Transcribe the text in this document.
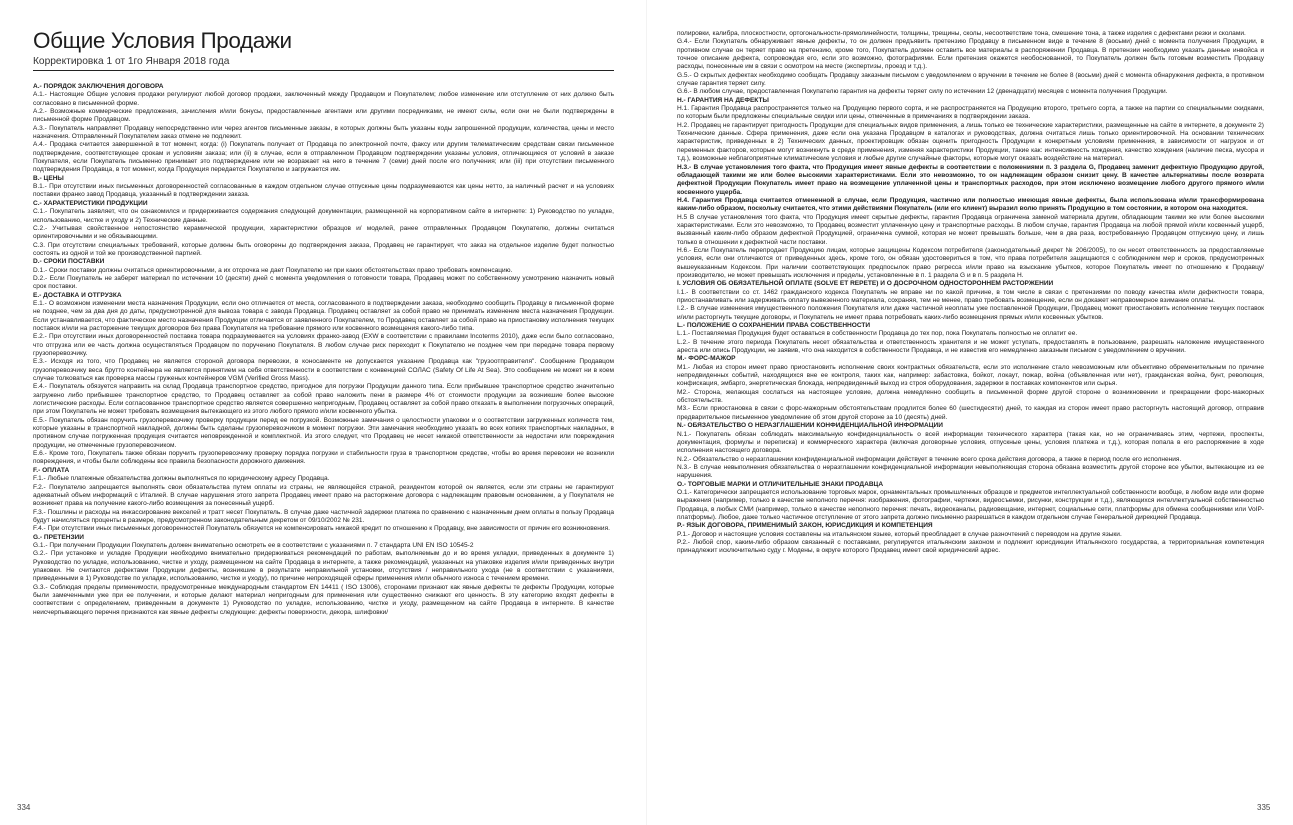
Общие Условия Продажи
Корректировка 1 от 1го Января 2018 года

A.- ПОРЯДОК ЗАКЛЮЧЕНИЯ ДОГОВОРА

A.1.- Настоящие Общие условия продажи регулируют любой договор продажи, заключенный между Продавцом и Покупателем; любое изменение или отступление от них должно быть согласовано в письменной форме.

A.2.- Возможные коммерческие предложения, зачисления и/или бонусы, предоставленные агентами или другими посредниками, не имеют силы, если они не были подтверждены в письменной форме Продавцом.

A.3.- Покупатель направляет Продавцу непосредственно или через агентов письменные заказы, в которых должны быть указаны коды запрошенной продукции, количества, цены и место назначения. Отправленный Покупателем заказ отмене не подлежит.

A.4.- Продажа считается завершенной в тот момент, когда: (i) Покупатель получает от Продавца по электронной почте, факсу или другим телематическим средствам связи письменное подтверждение, соответствующее срокам и условиям заказа; или (ii) в случае, если в отправленном Продавцом подтверждении указаны условия, отличающиеся от условий в заказе Покупателя, если Покупатель письменно принимает это подтверждение или не возражает на него в течение 7 (семи) дней после его получения; или (iii) при отсутствии письменного подтверждения Продавца, в тот момент, когда Продукция передается Покупателю и загружается им.

B.- ЦЕНЫ

B.1.- При отсутствии иных письменных договоренностей согласованные в каждом отдельном случае отпускные цены подразумеваются как цены нетто, за наличный расчет и на условиях поставки франко завод Продавца, указанный в подтверждении заказа.

C.- ХАРАКТЕРИСТИКИ ПРОДУКЦИИ

C.1.- Покупатель заявляет, что он ознакомился и придерживается содержания следующей документации, размещенной на корпоративном сайте в интернете: 1) Руководство по укладке, использованию, чистке и уходу и 2) Технические данные.

C.2.- Учитывая свойственное непостоянство керамической продукции, характеристики образцов и/ моделей, ранее отправленных Продавцом Покупателю, должны считаться ориентировочными и не обязывающими.

C.3. При отсутствии специальных требований, которые должны быть оговорены до подтверждения заказа, Продавец не гарантирует, что заказ на отдельное изделие будет полностью состоять из одной и той же производственной партией.

D.- СРОКИ ПОСТАВКИ

D.1.- Сроки поставки должны считаться ориентировочными, а их отсрочка не дает Покупателю ни при каких обстоятельствах право требовать компенсацию.

D.2.- Если Покупатель не заберет материал по истечении 10 (десяти) дней с момента уведомления о готовности товара, Продавец может по собственному усмотрению назначить новый срок поставки.

E.- ДОСТАВКА И ОТГРУЗКА

E.1.- О возможном изменении места назначения Продукции, если оно отличается от места, согласованного в подтверждении заказа, необходимо сообщить Продавцу в письменной форме не позднее, чем за два дня до даты, предусмотренной для вывоза товара с завода Продавца. Продавец оставляет за собой право не принимать изменение места назначения Продукции. Если устанавливается, что фактическое место назначения Продукции отличается от заявленного Покупателем, то Продавец оставляет за собой право на приостановку исполнения текущих поставок и/или на расторжение текущих договоров без права Покупателя на требование прямого или косвенного возмещения какого-либо типа.

E.2.- При отсутствии иных договоренностей поставка товара подразумевается на условиях франко-завод (EXW в соответствии с правилами Incoterms 2010), даже если было согласовано, что отгрузка или ее часть должна осуществляться Продавцом по поручению Покупателя. В любом случае риск переходит к Покупателю не позднее чем при передаче товара первому грузоперевозчику.

E.3.- Исходя из того, что Продавец не является стороной договора перевозки, в коносаменте не допускается указание Продавца как "грузоотправителя". Сообщение Продавцом грузоперевозчику веса брутто контейнера не является принятием на себя ответственности в соответствии с конвенцией СОЛАС (Safety Of Life At Sea). Это сообщение не может ни в коем случае толковаться как проверка массы груженых контейнеров VGM (Verified Gross Mass).

E.4.- Покупатель обязуется направить на склад Продавца транспортное средство, пригодное для погрузки Продукции данного типа. Если прибывшее транспортное средство значительно загружено либо прибывшее транспортное средство, то Продавец оставляет за собой право наложить пени в размере 4% от стоимости продукции за возникшие более высокие логистические расходы. Если согласованное транспортное средство является совершенно непригодным, Продавец оставляет за собой право отказать в выполнении погрузочных операций, при этом Покупатель не может требовать возмещения вытекающего из этого любого прямого и/или косвенного убытка.

E.5.- Покупатель обязан поручить грузоперевозчику проверку продукции перед ее погрузкой. Возможные замечания о целостности упаковки и о соответствии загруженных количеств тем, которые указаны в транспортной накладной, должны быть сделаны грузоперевозчиком в момент погрузки. Эти замечания необходимо указать во всех копиях транспортных накладных, в противном случае погруженная продукция считается неповрежденной и комплектной. Из этого следует, что Продавец не несет никакой ответственности за недостачи или повреждения продукции, не отмеченные грузоперевозчиком.

E.6.- Кроме того, Покупатель также обязан поручить грузоперевозчику проверку порядка погрузки и стабильности груза в транспортном средстве, чтобы во время перевозки не возникли повреждения, и чтобы были соблюдены все правила безопасности дорожного движения.

F.- ОПЛАТА

F.1.- Любые платежные обязательства должны выполняться по юридическому адресу Продавца.

F.2.- Покупателю запрещается выполнять свои обязательства путем оплаты из страны, не являющейся страной, резидентом которой он является, если эти страны не гарантируют адекватный объем информаций с Италией. В случае нарушения этого запрета Продавец имеет право на расторжение договора с надлежащим правовым основанием, а у Покупателя не возникнет права на получение какого-либо возмещения за понесенный ущерб.

F.3.- Пошлины и расходы на инкассирование векселей и тратт несет Покупатель. В случае даже частичной задержки платежа по сравнению с назначенным днем оплаты в пользу Продавца будут начисляться проценты в размере, предусмотренном законодательным декретом от 09/10/2002 № 231.

F.4.- При отсутствии иных письменных договоренностей Покупатель обязуется не компенсировать никакой кредит по отношению к Продавцу, вне зависимости от причин его возникновения.

G.- ПРЕТЕНЗИИ

G.1.- При получении Продукции Покупатель должен внимательно осмотреть ее в соответствии с указаниями п. 7 стандарта UNI EN ISO 10545-2

G.2.- При установке и укладке Продукции необходимо внимательно придерживаться рекомендаций по работам, выполняемым до и во время укладки, приведенных в документе 1) Руководство по укладке, использованию, чистке и уходу, размещенном на сайте Продавца в интернете, а также рекомендаций, указанных на упаковке изделия и/или приведенных внутри упаковки. Не считаются дефектами Продукции дефекты, возникшие в результате неправильной установки, отсутствия / неправильного ухода (не в соответствии с указаниями, приведенными в 1) Руководстве по укладке, использованию, чистке и уходу), по причине непроходящей сферы применения и/или обычного износа с течением времени.

G.3.- Соблюдая пределы применимости, предусмотренные международным стандартом EN 14411 ( ISO 13006), сторонами признают как явные дефекты те дефекты Продукции, которые были замеченными уже при ее получении, и которые делают материал непригодным для применения или существенно снижают его ценность. В эту категорию входят дефекты в соответствии с определением, приведенным в документе 1) Руководство по укладке, использованию, чистке и уходу, размещенном на сайте Продавца в интернете. В качестве неисчерпывающего перечня признаются как явные дефекты следующие: дефекты поверхности, декора, шлифовки/

334

полировки, калибра, плоскостности, ортогональности-прямолинейности, толщины, трещины, сколы, несоответствие тона, смешение тона, а также изделия с дефектами резки и сколами.

G.4.- Если Покупатель обнаруживает явные дефекты, то он должен предъявить претензию Продавцу в письменном виде в течение 8 (восьми) дней с момента получения Продукции, в противном случае он теряет право на претензию, кроме того, Покупатель должен оставить все материалы в распоряжении Продавца. В претензии необходимо указать данные инвойса и точное описание дефекта, сопровождая его, если это возможно, фотографиями. Если претензия окажется необоснованной, то Покупатель должен быть готовым возместить Продавцу расходы, понесенные им в связи с осмотром на месте (экспертизы, проезд и т.д.).

G.5.- О скрытых дефектах необходимо сообщать Продавцу заказным письмом с уведомлением о вручении в течение не более 8 (восьми) дней с момента обнаружения дефекта, в противном случае гарантия теряет силу.

G.6.- В любом случае, предоставленная Покупателю гарантия на дефекты теряет силу по истечении 12 (двенадцати) месяцев с момента получения Продукции.

H.- ГАРАНТИЯ НА ДЕФЕКТЫ

H.1. Гарантия Продавца распространяется только на Продукцию первого сорта, и не распространяется на Продукцию второго, третьего сорта, а также на партии со специальными скидками, по которым были предложены специальные скидки или цены, отмеченные в примечаниях в подтверждении заказа.

H.2. Продавец не гарантирует пригодность Продукции для специальных видов применения, а лишь только ее технические характеристики, размещенные на сайте в интернете, в документе 2) Технические данные. Сфера применения, даже если она указана Продавцом в каталогах и руководствах, должна считаться лишь только ориентировочной. На основании технических характеристик, приведенных в 2) Технических данных, проектировщик обязан оценить пригодность Продукции к конкретным условиям применения, в зависимости от нагрузок и от переменных факторов, которые могут возникнуть в среде применения, изменяя характеристики Продукции, такие как: интенсивность хождения, качество хождения (наличие песка, мусора и т.д.), возможные неблагоприятные климатические условия и любые другие случайные факторы, которые могут оказать воздействие на материал.

H.3.- В случае установления того факта, что Продукция имеет явные дефекты в соответствии с положениями п. 3 раздела G, Продавец заменит дефектную Продукцию другой, обладающей такими же или более высокими характеристиками. Если это невозможно, то он надлежащим образом снизит цену. В качестве альтернативы после возврата дефектной Продукции Покупатель имеет право на возмещение уплаченной цены и транспортных расходов, при этом исключено возмещение любого другого прямого и/или косвенного ущерба.

H.4. Гарантия Продавца считается отмененной в случае, если Продукция, частично или полностью имеющая явные дефекты, была использована и/или трансформирована каким-либо образом, поскольку считается, что этими действиями Покупатель (или его клиент) выразил волю принять Продукцию в том состоянии, в котором она находится.

H.5 В случае установления того факта, что Продукция имеет скрытые дефекты, гарантия Продавца ограничена заменой материала другим, обладающим такими же или более высокими характеристиками. Если это невозможно, то Продавец возместит уплаченную цену и транспортные расходы. В любом случае, гарантия Продавца на любой прямой и/или косвенный ущерб, вызванный каким-либо образом дефектной Продукцией, ограничена суммой, которая не может превышать больше, чем в два раза, востребованную Продавцом отпускную цену, и лишь только в отношении к дефектной части поставки.

H.6.- Если Покупатель перепродает Продукцию лицам, которые защищены Кодексом потребителя (законодательный декрет № 206/2005), то он несет ответственность за предоставляемые условия, если они отличаются от приведенных здесь, кроме того, он обязан удостовериться в том, что права потребителя защищаются с соблюдением мер и сроков, предусмотренных вышеуказанным Кодексом. При наличии соответствующих предпосылок право регресса и/или право на взыскание убытков, которое Покупатель имеет по отношению к Продавцу/производителю, не может превышать исключения и пределы, установленные в п. 1 раздела G и в п. 5 раздела H.

I. УСЛОВИЯ ОБ ОБЯЗАТЕЛЬНОЙ ОПЛАТЕ (SOLVE ET REPETE) И О ДОСРОЧНОМ ОДНОСТОРОННЕМ РАСТОРЖЕНИИ

I.1.- В соответствии со ст. 1462 гражданского кодекса Покупатель не вправе ни по какой причине, в том числе в связи с претензиями по поводу качества и/или дефектности товара, приостанавливать или задерживать оплату вывезенного материала, сохраняя, тем не менее, право требовать возмещение, если он докажет неправомерное взимание оплаты.

I.2.- В случае изменения имущественного положения Покупателя или даже частичной неоплаты уже поставленной Продукции, Продавец может приостановить исполнение текущих поставок и/или расторгнуть текущие договоры, и Покупатель не имеет права потребовать каких-либо возмещения прямых и/или косвенных убытков.

L.- ПОЛОЖЕНИЕ О СОХРАНЕНИИ ПРАВА СОБСТВЕННОСТИ

L.1.- Поставляемая Продукция будет оставаться в собственности Продавца до тех пор, пока Покупатель полностью не оплатит ее.

L.2.- В течение этого периода Покупатель несет обязательства и ответственность хранителя и не может уступать, предоставлять в пользование, разрешать наложение имущественного ареста или опись Продукции, не заявив, что она находится в собственности Продавца, и не известив его немедленно заказным письмом с уведомлением о вручении.

M.- ФОРС-МАЖОР

M1.- Любая из сторон имеет право приостановить исполнение своих контрактных обязательств, если это исполнение стало невозможным или объективно обременительным по причине непредвиденных событий, находящихся вне ее контроля, таких как, например: забастовка, бойкот, локаут, пожар, война (объявленная или нет), гражданская война, бунт, революция, конфискация, эмбарго, энергетическая блокада, непредвиденный выход из строя оборудования, задержки в поставках компонентов или сырья.

M2.- Сторона, желающая сослаться на настоящее условие, должна немедленно сообщить в письменной форме другой стороне о возникновении и прекращении форс-мажорных обстоятельств.

M3.- Если приостановка в связи с форс-мажорным обстоятельствам продлится более 60 (шестидесяти) дней, то каждая из сторон имеет право расторгнуть настоящий договор, отправив предварительное письменное уведомление об этом другой стороне за 10 (десять) дней.

N.- ОБЯЗАТЕЛЬСТВО О НЕРАЗГЛАШЕНИИ КОНФИДЕНЦИАЛЬНОЙ ИНФОРМАЦИИ

N.1.- Покупатель обязан соблюдать максимальную конфиденциальность о всей информации технического характера (такая как, но не ограничиваясь этим, чертежи, проспекты, документация, формулы и переписка) и коммерческого характера (включая договорные условия, отпускные цены, условия платежа и т.д.), которая попала в его распоряжение в ходе исполнения настоящего договора.

N.2.- Обязательство о неразглашении конфиденциальной информации действует в течение всего срока действия договора, а также в период после его исполнения.

N.3.- В случае невыполнения обязательства о неразглашении конфиденциальной информации невыполняющая сторона обязана возместить другой стороне все убытки, вытекающие из ее нарушения.

O.- ТОРГОВЫЕ МАРКИ И ОТЛИЧИТЕЛЬНЫЕ ЗНАКИ ПРОДАВЦА

O.1.- Категорически запрещается использование торговых марок, орнаментальных промышленных образцов и предметов интеллектуальной собственности вообще, в любом виде или форме выражения (например, только в качестве неполного перечня: изображения, фотографии, чертежи, видеосъемки, рисунки, конструкции и т.д.), являющихся интеллектуальной собственностью Продавца, в любых СМИ (например, только в качестве неполного перечня: печать, видеоканалы, радиовещание, интернет, социальные сети, платформы для обмена сообщениями или VoIP-платформы). Любое, даже только частичное отступление от этого запрета должно письменно разрешаться в каждом отдельном случае Генеральной дирекцией Продавца.

P.- ЯЗЫК ДОГОВОРА, ПРИМЕНИМЫЙ ЗАКОН, ЮРИСДИКЦИЯ И КОМПЕТЕНЦИЯ

P.1.- Договор и настоящие условия составлены на итальянском языке, который преобладает в случае разночтений с переводом на другие языки.

P.2.- Любой спор, каким-либо образом связанный с поставками, регулируется итальянским законом и подлежит юрисдикции Итальянского государства, а территориальная компетенция принадлежит исключительно суду г. Модены, в округе которого Продавец имеет свой юридический адрес.

335
